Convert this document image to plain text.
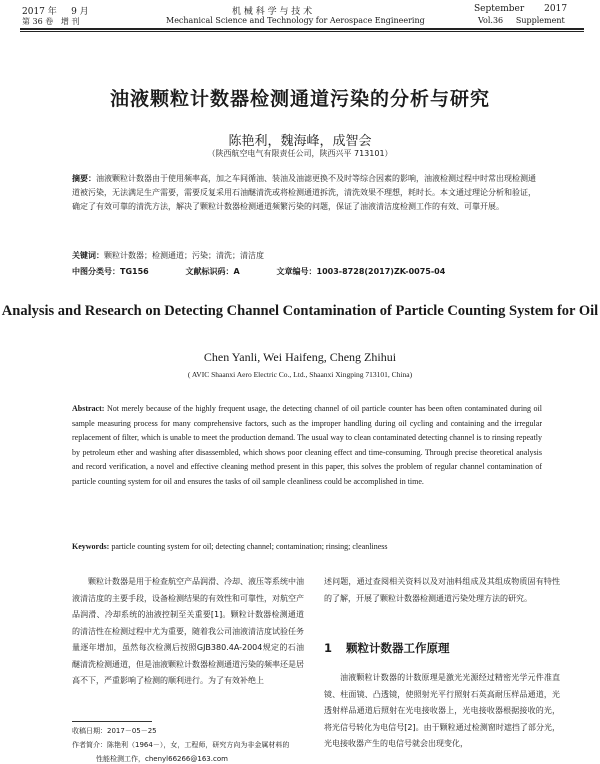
2017 年 9 月	机 械 科 学 与 技 术	September 2017
第 36 卷 增 刊	Mechanical Science and Technology for Aerospace Engineering	Vol.36 Supplement
油液颗粒计数器检测通道污染的分析与研究
陈艳利，魏海峰，成智会
（陕西航空电气有限责任公司，陕西兴平 713101）
摘要：油液颗粒计数器由于使用频率高，加之车间循油、装油及油滤更换不及时等综合因素的影响，油液检测过程中时常出现检测通道被污染，无法满足生产需要，需要反复采用石油醚清洗或将检测通道拆洗，清洗效果不理想，耗时长。本文通过理论分析和验证，确定了有效可靠的清洗方法，解决了颗粒计数器检测通道频繁污染的问题，保证了油液清洁度检测工作的有效、可靠开展。
关键词：颗粒计数器；检测通道；污染；清洗；清洁度
中图分类号：TG156	文献标识码：A	文章编号：1003-8728(2017)ZK-0075-04
Analysis and Research on Detecting Channel Contamination of Particle Counting System for Oil
Chen Yanli, Wei Haifeng, Cheng Zhihui
( AVIC Shaanxi Aero Electric Co., Ltd., Shaanxi Xingping 713101, China)
Abstract: Not merely because of the highly frequent usage, the detecting channel of oil particle counter has been often contaminated during oil sample measuring process for many comprehensive factors, such as the improper handling during oil cycling and containing and the irregular replacement of filter, which is unable to meet the production demand. The usual way to clean contaminated detecting channel is to rinsing repeatly by petroleum ether and washing after disassembled, which shows poor cleaning effect and time-consuming. Through precise theoretical analysis and record verification, a novel and effective cleaning method present in this paper, this solves the problem of regular channel contamination of particle counting system for oil and ensures the tasks of oil sample cleanliness could be accomplished in time.
Keywords: particle counting system for oil; detecting channel; contamination; rinsing; cleanliness
颗粒计数器是用于检查航空产品润滑、冷却、液压等系统中油液清洁度的主要手段，设备检测结果的有效性和可靠性，对航空产品润滑、冷却系统的油液控制至关重要[1]。颗粒计数器检测通道的清洁性在检测过程中尤为重要，随着我公司油液清洁度试验任务量逐年增加，虽然每次检测后按照GJB380.4A-2004规定的石油醚清洗检测通道，但是油液颗粒计数器检测通道污染的频率还是居高不下，严重影响了检测的顺利进行。为了有效补绝上
述问题，通过查阅相关资料以及对油料组成及其组成物质固有特性的了解，开展了颗粒计数器检测通道污染处理方法的研究。
1 颗粒计数器工作原理
油液颗粒计数器的计数原理是激光光源经过精密光学元件准直镜、柱面镜、凸透镜，使照射光平行照射石英高耐压样品通道，光透射样品通道后照射在光电接收器上，光电接收器根据接收的光，将光信号转化为电信号[2]。由于颗粒通过检测窗时遮挡了部分光，光电接收器产生的电信号就会出现变化，
收稿日期：2017－05－25
作者简介：陈艳利（1964－），女，工程师，研究方向为非金属材料的
性能检测工作，chenyl66266@163.com
